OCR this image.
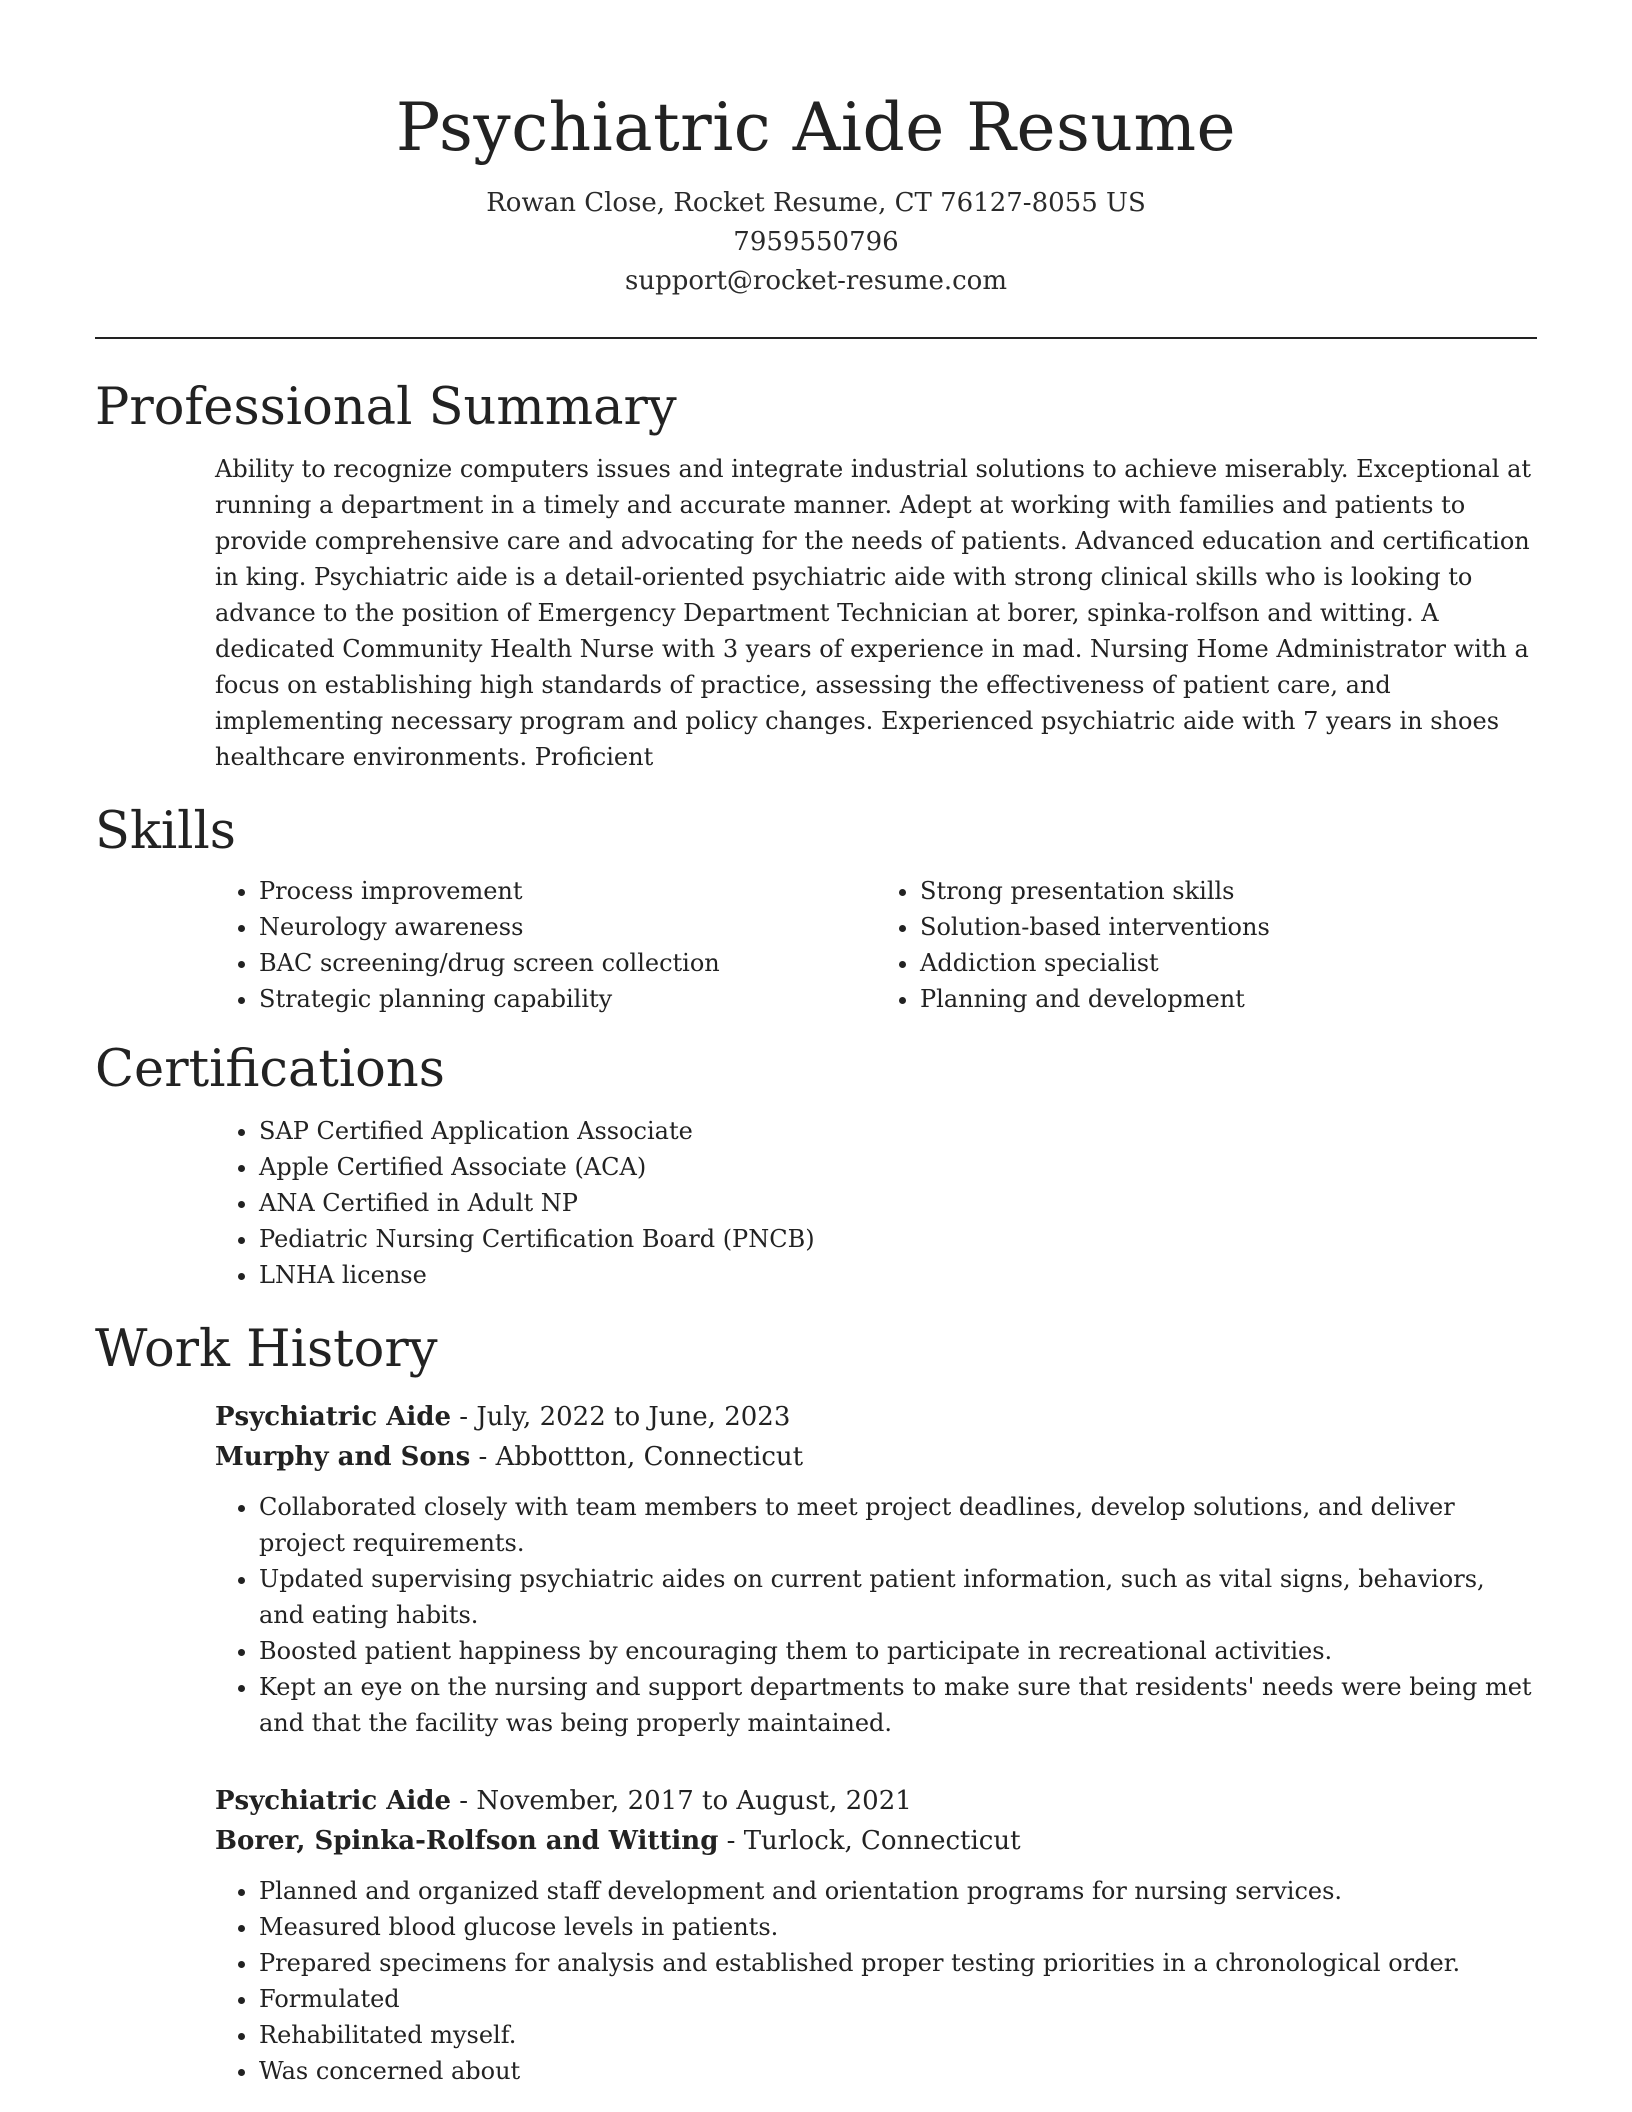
Psychiatric Aide Resume
Rowan Close, Rocket Resume, CT 76127-8055 US
7959550796
support@rocket-resume.com
Professional Summary

Ability to recognize computers issues and integrate industrial solutions to achieve miserably. Exceptional at running a department in a timely and accurate manner. Adept at working with families and patients to provide comprehensive care and advocating for the needs of patients. Advanced education and certification in king. Psychiatric aide is a detail-oriented psychiatric aide with strong clinical skills who is looking to advance to the position of Emergency Department Technician at borer, spinka-rolfson and witting. A dedicated Community Health Nurse with 3 years of experience in mad. Nursing Home Administrator with a focus on establishing high standards of practice, assessing the effectiveness of patient care, and implementing necessary program and policy changes. Experienced psychiatric aide with 7 years in shoes healthcare environments. Proficient

Skills
• Process improvement
• Neurology awareness
• BAC screening/drug screen collection
• Strategic planning capability
• Strong presentation skills
• Solution-based interventions
• Addiction specialist
• Planning and development
Certifications
• SAP Certified Application Associate
• Apple Certified Associate (ACA)
• ANA Certified in Adult NP
• Pediatric Nursing Certification Board (PNCB)
• LNHA license
Work History
Psychiatric Aide - July, 2022 to June, 2023
Murphy and Sons - Abbottton, Connecticut
• Collaborated closely with team members to meet project deadlines, develop solutions, and deliver project requirements.
• Updated supervising psychiatric aides on current patient information, such as vital signs, behaviors, and eating habits.
• Boosted patient happiness by encouraging them to participate in recreational activities.
• Kept an eye on the nursing and support departments to make sure that residents' needs were being met and that the facility was being properly maintained.
Psychiatric Aide - November, 2017 to August, 2021
Borer, Spinka-Rolfson and Witting - Turlock, Connecticut
• Planned and organized staff development and orientation programs for nursing services.
• Measured blood glucose levels in patients.
• Prepared specimens for analysis and established proper testing priorities in a chronological order.
• Formulated
• Rehabilitated myself.
• Was concerned about
